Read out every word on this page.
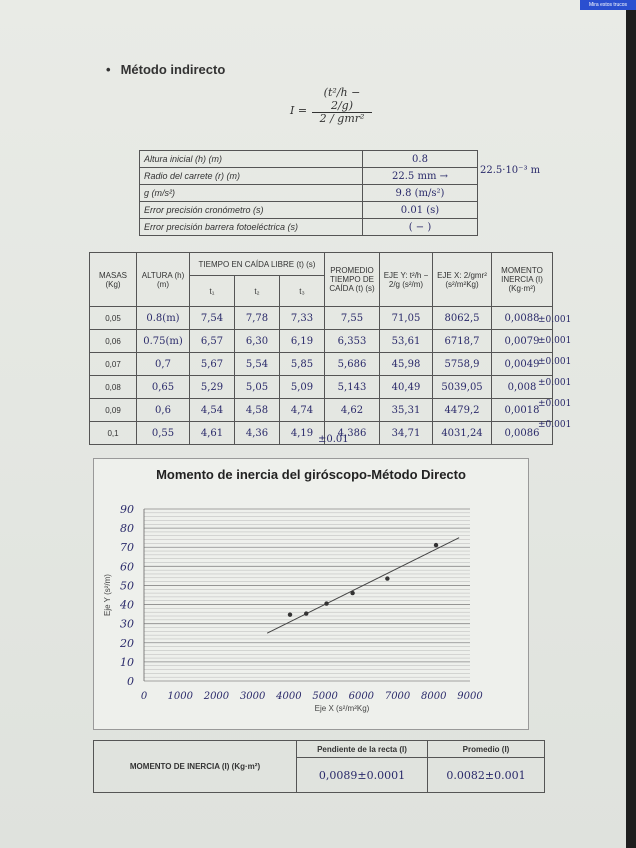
Mira estos trucos
• Método indirecto
I =
(t²/h − 2/g)
2 / gmr²
Altura inicial (h) (m)	0.8
Radio del carrete (r) (m)	22.5 mm →
g (m/s²)	9.8 (m/s²)
Error precisión cronómetro (s)	0.01 (s)
Error precisión barrera fotoeléctrica (s)	( − )
22.5·10⁻³ m
MASAS (Kg)	ALTURA (h) (m)	TIEMPO EN CAÍDA LIBRE (t) (s)			PROMEDIO TIEMPO DE CAÍDA (t) (s)	EJE Y: t²/h − 2/g (s²/m)	EJE X: 2/gmr² (s²/m²Kg)	MOMENTO INERCIA (I) (Kg·m²)
		t₁	t₂	t₃				
0,05	0.8(m)	7,54	7,78	7,33	7,55	71,05	8062,5	0,0088
0,06	0.75(m)	6,57	6,30	6,19	6,353	53,61	6718,7	0,0079
0,07	0,7	5,67	5,54	5,85	5,686	45,98	5758,9	0,0049
0,08	0,65	5,29	5,05	5,09	5,143	40,49	5039,05	0,008
0,09	0,6	4,54	4,58	4,74	4,62	35,31	4479,2	0,0018
0,1	0,55	4,61	4,36	4,19	4,386	34,71	4031,24	0,0086
±0.001
±0.001
±0.001
±0.001
±0.001
±0.001
±0.01
Momento de inercia del giróscopo-Método Directo
0
10
20
30
40
50
60
70
80
90
0 1000 2000 3000 4000 5000 6000 7000 8000 9000
Eje X (s²/m²Kg)
Eje Y (s²/m)
MOMENTO DE INERCIA (I) (Kg·m²)	Pendiente de la recta (I)	Promedio (I)
	0,0089±0.0001	0.0082±0.001
